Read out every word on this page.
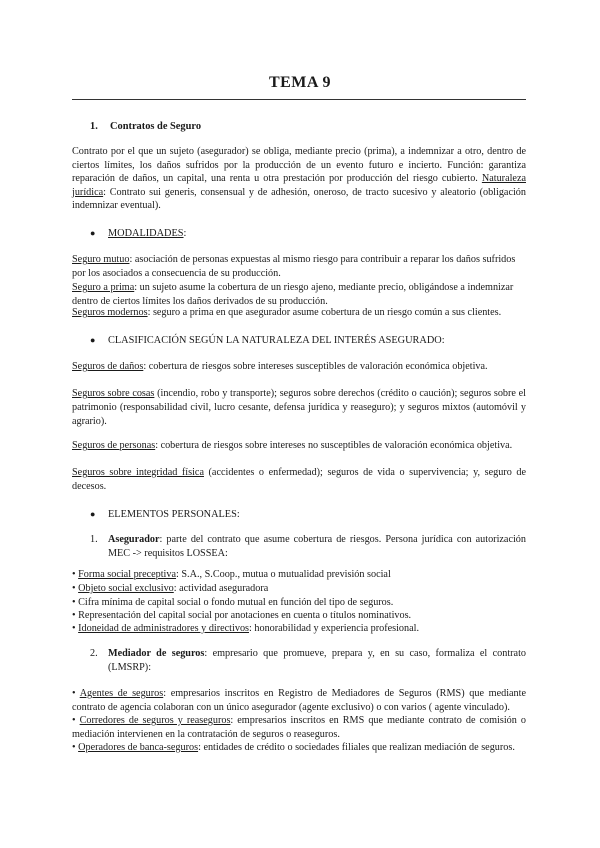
TEMA 9
1. Contratos de Seguro
Contrato por el que un sujeto (asegurador) se obliga, mediante precio (prima), a indemnizar a otro, dentro de ciertos límites, los daños sufridos por la producción de un evento futuro e incierto. Función: garantiza reparación de daños, un capital, una renta u otra prestación por producción del riesgo cubierto. Naturaleza jurídica: Contrato sui generis, consensual y de adhesión, oneroso, de tracto sucesivo y aleatorio (obligación indemnizar eventual).
● MODALIDADES:
Seguro mutuo: asociación de personas expuestas al mismo riesgo para contribuir a reparar los daños sufridos por los asociados a consecuencia de su producción.
Seguro a prima: un sujeto asume la cobertura de un riesgo ajeno, mediante precio, obligándose a indemnizar dentro de ciertos límites los daños derivados de su producción.
Seguros modernos: seguro a prima en que asegurador asume cobertura de un riesgo común a sus clientes.
● CLASIFICACIÓN SEGÚN LA NATURALEZA DEL INTERÉS ASEGURADO:
Seguros de daños: cobertura de riesgos sobre intereses susceptibles de valoración económica objetiva.
Seguros sobre cosas (incendio, robo y transporte); seguros sobre derechos (crédito o caución); seguros sobre el patrimonio (responsabilidad civil, lucro cesante, defensa jurídica y reaseguro); y seguros mixtos (automóvil y agrario).
Seguros de personas: cobertura de riesgos sobre intereses no susceptibles de valoración económica objetiva.
Seguros sobre integridad física (accidentes o enfermedad); seguros de vida o supervivencia; y, seguro de decesos.
● ELEMENTOS PERSONALES:
1. Asegurador: parte del contrato que asume cobertura de riesgos. Persona jurídica con autorización MEC -> requisitos LOSSEA:
• Forma social preceptiva: S.A., S.Coop., mutua o mutualidad previsión social
• Objeto social exclusivo: actividad aseguradora
• Cifra mínima de capital social o fondo mutual en función del tipo de seguros.
• Representación del capital social por anotaciones en cuenta o títulos nominativos.
• Idoneidad de administradores y directivos: honorabilidad y experiencia profesional.
2. Mediador de seguros: empresario que promueve, prepara y, en su caso, formaliza el contrato (LMSRP):
• Agentes de seguros: empresarios inscritos en Registro de Mediadores de Seguros (RMS) que mediante contrato de agencia colaboran con un único asegurador (agente exclusivo) o con varios ( agente vinculado).
• Corredores de seguros y reaseguros: empresarios inscritos en RMS que mediante contrato de comisión o mediación intervienen en la contratación de seguros o reaseguros.
• Operadores de banca-seguros: entidades de crédito o sociedades filiales que realizan mediación de seguros.
